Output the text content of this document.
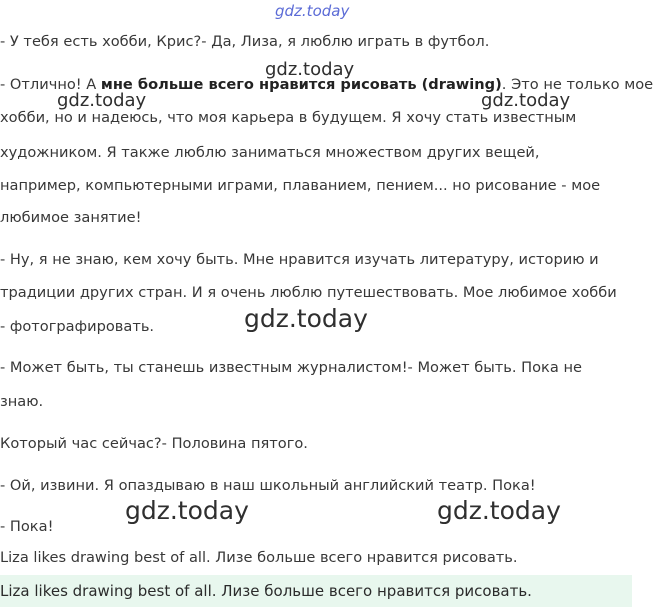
gdz.today
- У тебя есть хобби, Крис?- Да, Лиза, я люблю играть в футбол.
gdz.today
- Отлично! А мне больше всего нравится рисовать (drawing). Это не только мое
gdz.today	gdz.today
хобби, но и надеюсь, что моя карьера в будущем. Я хочу стать известным
художником. Я также люблю заниматься множеством других вещей,
например, компьютерными играми, плаванием, пением... но рисование - мое
любимое занятие!
- Ну, я не знаю, кем хочу быть. Мне нравится изучать литературу, историю и
традиции других стран. И я очень люблю путешествовать. Мое любимое хобби
- фотографировать.	gdz.today
- Может быть, ты станешь известным журналистом!- Может быть. Пока не
знаю.
Который час сейчас?- Половина пятого.
- Ой, извини. Я опаздываю в наш школьный английский театр. Пока!
gdz.today	gdz.today
- Пока!
Liza likes drawing best of all. Лизе больше всего нравится рисовать.
Liza likes drawing best of all. Лизе больше всего нравится рисовать.
